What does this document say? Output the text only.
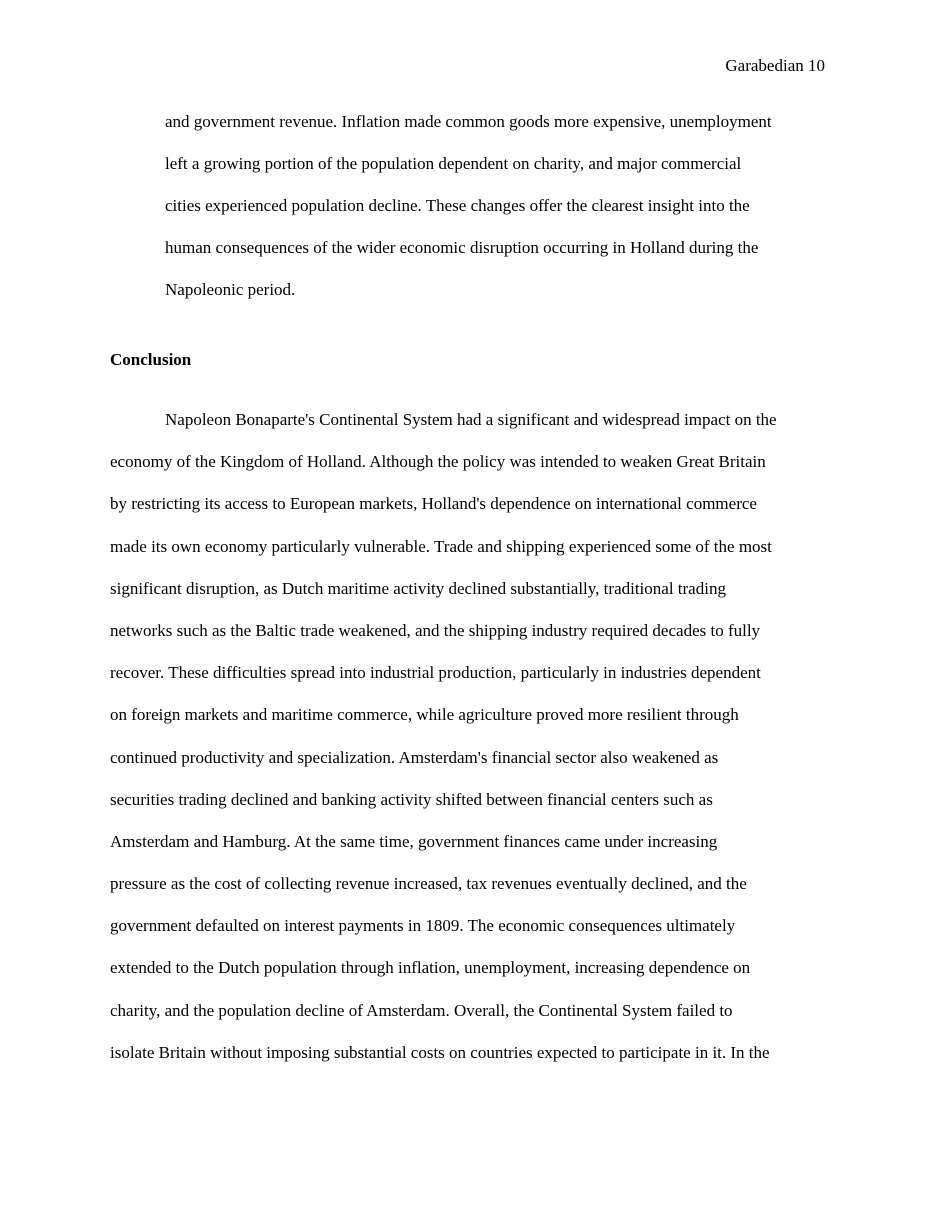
Garabedian 10
and government revenue. Inflation made common goods more expensive, unemployment
left a growing portion of the population dependent on charity, and major commercial
cities experienced population decline. These changes offer the clearest insight into the
human consequences of the wider economic disruption occurring in Holland during the
Napoleonic period.
Conclusion
Napoleon Bonaparte's Continental System had a significant and widespread impact on the
economy of the Kingdom of Holland. Although the policy was intended to weaken Great Britain
by restricting its access to European markets, Holland's dependence on international commerce
made its own economy particularly vulnerable. Trade and shipping experienced some of the most
significant disruption, as Dutch maritime activity declined substantially, traditional trading
networks such as the Baltic trade weakened, and the shipping industry required decades to fully
recover. These difficulties spread into industrial production, particularly in industries dependent
on foreign markets and maritime commerce, while agriculture proved more resilient through
continued productivity and specialization. Amsterdam's financial sector also weakened as
securities trading declined and banking activity shifted between financial centers such as
Amsterdam and Hamburg. At the same time, government finances came under increasing
pressure as the cost of collecting revenue increased, tax revenues eventually declined, and the
government defaulted on interest payments in 1809. The economic consequences ultimately
extended to the Dutch population through inflation, unemployment, increasing dependence on
charity, and the population decline of Amsterdam. Overall, the Continental System failed to
isolate Britain without imposing substantial costs on countries expected to participate in it. In the
